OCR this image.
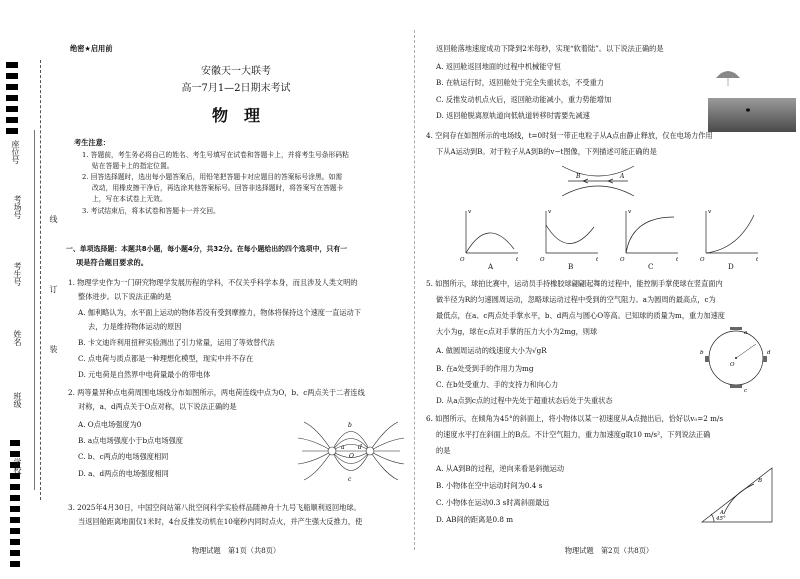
座位号
考场号
考生号
姓名
班级
学校
线
订
装
绝密★启用前
安徽天一大联考
高一7月1—2日期末考试
物　理
考生注意：
1. 答题前，考生务必将自己的姓名、考生号填写在试卷和答题卡上，并将考生号条形码粘
贴在答题卡上的指定位置。
2. 回答选择题时，选出每小题答案后，用铅笔把答题卡对应题目的答案标号涂黑。如需
改动，用橡皮擦干净后，再选涂其他答案标号。回答非选择题时，将答案写在答题卡
上，写在本试卷上无效。
3. 考试结束后，将本试卷和答题卡一并交回。
一、单项选择题：本题共8小题，每小题4分，共32分。在每小题给出的四个选项中，只有一
项是符合题目要求的。
1. 物理学史作为一门研究物理学发展历程的学科，不仅关乎科学本身，而且涉及人类文明的
整体进步。以下说法正确的是
A. 伽利略认为，水平面上运动的物体若没有受到摩擦力，物体将保持这个速度一直运动下
去，力是维持物体运动的原因
B. 卡文迪许利用扭秤实验测出了引力常量，运用了等效替代法
C. 点电荷与质点都是一种理想化模型，现实中并不存在
D. 元电荷是自然界中电荷量最小的带电体
2. 两等量异种点电荷周围电场线分布如图所示，两电荷连线中点为O，b、c两点关于二者连线
对称，a、d两点关于O点对称，以下说法正确的是
A. O点电场强度为0
B. a点电场强度小于b点电场强度
C. b、c两点的电场强度相同
D. a、d两点的电场强度相同
b
c
a d
O
3. 2025年4月30日，中国空间站第八批空间科学实验样品随神舟十九号飞船顺利返回地球。
当返回舱距离地面仅1米时，4台反推发动机在10毫秒内同时点火，并产生强大反推力，使
物理试题　第1页（共8页）
返回舱落地速度成功下降到2米每秒，实现“软着陆”。以下说法正确的是
A. 返回舱返回地面的过程中机械能守恒
B. 在轨运行时，返回舱处于完全失重状态，不受重力
C. 反推发动机点火后，返回舱动能减小，重力势能增加
D. 返回舱脱离原轨道向低轨道转移时需要先减速
4. 空间存在如图所示的电场线，t=0时刻一带正电粒子从A点由静止释放，仅在电场力作用
下从A运动到B。对于粒子从A到B的v−t图像，下列描述可能正确的是
B	A
v
t
O
v
t
O
v
t
O
v
t
O
A	B	C	D
5. 如图所示，球拍比赛中，运动员手持橡胶球翩翩起舞的过程中，能控制手掌使球在竖直面内
做半径为R的匀速圆周运动，忽略球运动过程中受到的空气阻力。a为圆周的最高点，c为
最低点，在a、c两点处手掌水平，b、d两点与圆心O等高。已知球的质量为m，重力加速度
大小为g，球在c点对手掌的压力大小为2mg，则球
A. 做圆周运动的线速度大小为√gR
B. 在a处受到手的作用力为mg
C. 在b处受重力、手的支持力和向心力
D. 从a点到c点的过程中先处于超重状态后处于失重状态
a
b
c
d
O
6. 如图所示，在倾角为45°的斜面上，将小物体以某一初速度从A点抛出后，恰好以v₀=2 m/s
的速度水平打在斜面上的B点。不计空气阻力，重力加速度g取10 m/s²，下列说法正确
的是
A. 从A到B的过程，逆向来看是斜抛运动
B. 小物体在空中运动时间为0.4 s
C. 小物体在运动0.3 s时离斜面最远
D. AB间的距离是0.8 m
B
A
45°
物理试题　第2页（共8页）
